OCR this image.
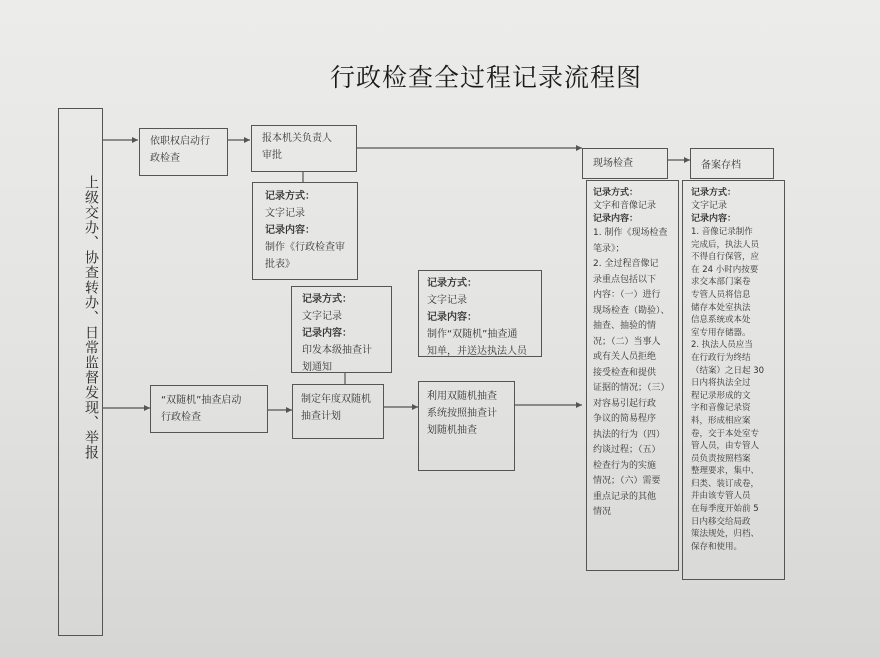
行政检查全过程记录流程图
上级交办、协查转办、日常监督发现、举报
依职权启动行
政检查
报本机关负责人
审批
记录方式：
文字记录
记录内容：
制作《行政检查审
批表》
“双随机”抽查启动
行政检查
记录方式：
文字记录
记录内容：
印发本级抽查计
划通知
制定年度双随机
抽查计划
记录方式：
文字记录
记录内容：
制作“双随机”抽查通
知单，并送达执法人员
利用双随机抽查
系统按照抽查计
划随机抽查
现场检查
记录方式：
文字和音像记录
记录内容：
1. 制作《现场检查
笔录》；
2. 全过程音像记
录重点包括以下
内容：（一）进行
现场检查（勘验）、
抽查、抽验的情
况；（二）当事人
或有关人员拒绝
接受检查和提供
证据的情况；（三）
对容易引起行政
争议的简易程序
执法的行为（四）
约谈过程；（五）
检查行为的实施
情况；（六）需要
重点记录的其他
情况
备案存档
记录方式：
文字记录
记录内容：
1. 音像记录制作
完成后，执法人员
不得自行保管，应
在 24 小时内按要
求交本部门案卷
专管人员将信息
储存本处室执法
信息系统或本处
室专用存储器。
2. 执法人员应当
在行政行为终结
（结案）之日起 30
日内将执法全过
程记录形成的文
字和音像记录资
料，形成相应案
卷，交于本处室专
管人员，由专管人
员负责按照档案
整理要求，集中、
归类、装订成卷，
并由该专管人员
在每季度开始前 5
日内移交给局政
策法规处，归档、
保存和使用。
